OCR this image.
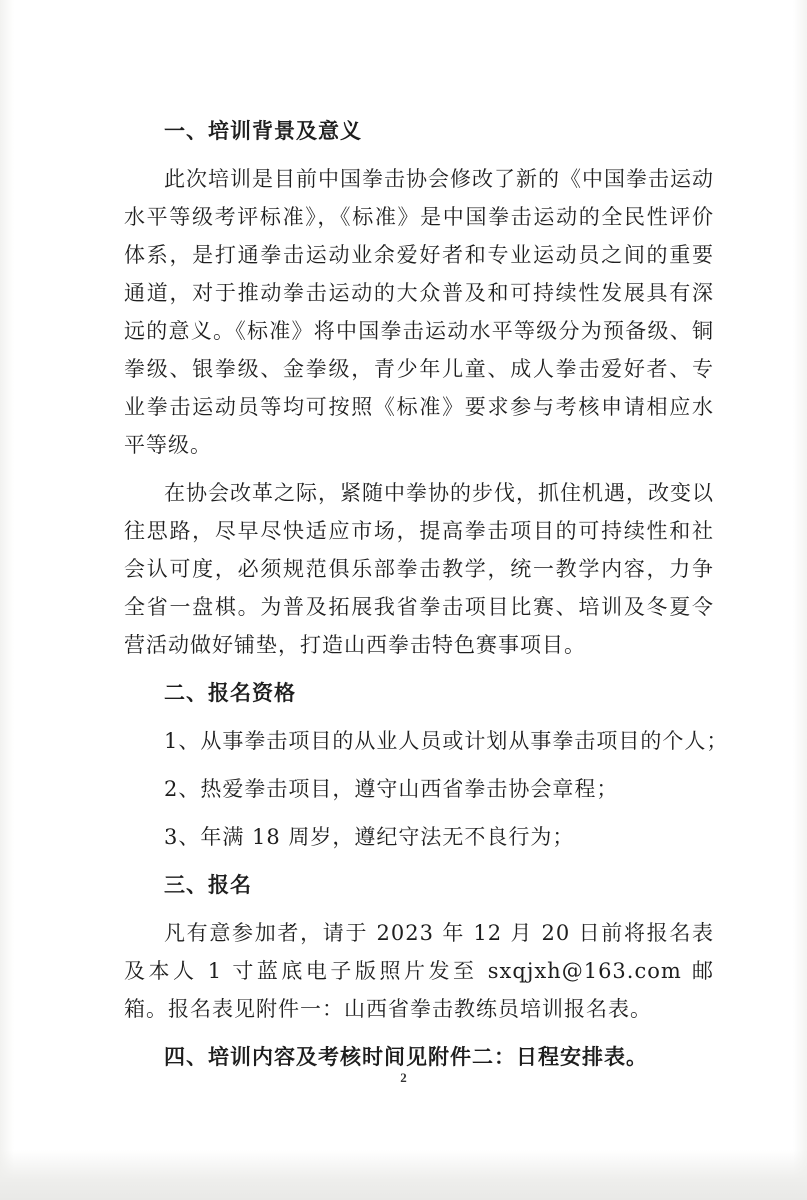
一、培训背景及意义

此次培训是目前中国拳击协会修改了新的《中国拳击运动水平等级考评标准》，《标准》是中国拳击运动的全民性评价体系，是打通拳击运动业余爱好者和专业运动员之间的重要通道，对于推动拳击运动的大众普及和可持续性发展具有深远的意义。《标准》将中国拳击运动水平等级分为预备级、铜拳级、银拳级、金拳级，青少年儿童、成人拳击爱好者、专业拳击运动员等均可按照《标准》要求参与考核申请相应水平等级。

在协会改革之际，紧随中拳协的步伐，抓住机遇，改变以往思路，尽早尽快适应市场，提高拳击项目的可持续性和社会认可度，必须规范俱乐部拳击教学，统一教学内容，力争全省一盘棋。为普及拓展我省拳击项目比赛、培训及冬夏令营活动做好铺垫，打造山西拳击特色赛事项目。

二、报名资格

1、从事拳击项目的从业人员或计划从事拳击项目的个人；

2、热爱拳击项目，遵守山西省拳击协会章程；

3、年满 18 周岁，遵纪守法无不良行为；

三、报名

凡有意参加者，请于 2023 年 12 月 20 日前将报名表及本人 1 寸蓝底电子版照片发至 sxqjxh@163.com 邮箱。报名表见附件一：山西省拳击教练员培训报名表。

四、培训内容及考核时间见附件二：日程安排表。
2
